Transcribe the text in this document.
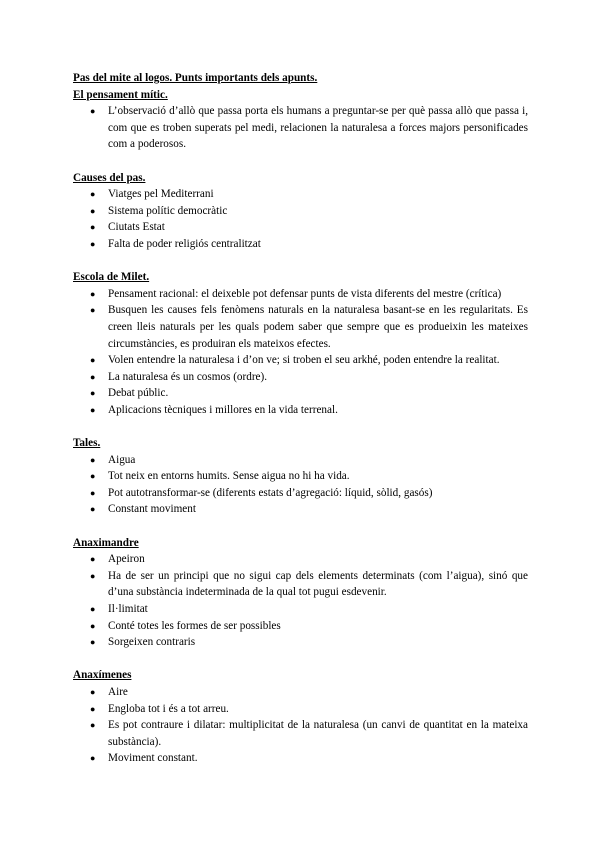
Pas del mite al logos. Punts importants dels apunts.

El pensament mític.

● L’observació d’allò que passa porta els humans a preguntar-se per què passa allò que passa i, com que es troben superats pel medi, relacionen la naturalesa a forces majors personificades com a poderosos.

Causes del pas.

● Viatges pel Mediterrani
● Sistema polític democràtic
● Ciutats Estat
● Falta de poder religiós centralitzat

Escola de Milet.

● Pensament racional: el deixeble pot defensar punts de vista diferents del mestre (crítica)
● Busquen les causes fels fenòmens naturals en la naturalesa basant-se en les regularitats. Es creen lleis naturals per les quals podem saber que sempre que es produeixin les mateixes circumstàncies, es produiran els mateixos efectes.
● Volen entendre la naturalesa i d’on ve; si troben el seu arkhé, poden entendre la realitat.
● La naturalesa és un cosmos (ordre).
● Debat públic.
● Aplicacions tècniques i millores en la vida terrenal.

Tales.

● Aigua
● Tot neix en entorns humits. Sense aigua no hi ha vida.
● Pot autotransformar-se (diferents estats d’agregació: líquid, sòlid, gasós)
● Constant moviment

Anaximandre

● Apeiron
● Ha de ser un principi que no sigui cap dels elements determinats (com l’aigua), sinó que d’una substància indeterminada de la qual tot pugui esdevenir.
● Il·limitat
● Conté totes les formes de ser possibles
● Sorgeixen contraris

Anaxímenes

● Aire
● Engloba tot i és a tot arreu.
● Es pot contraure i dilatar: multiplicitat de la naturalesa (un canvi de quantitat en la mateixa substància).
● Moviment constant.
